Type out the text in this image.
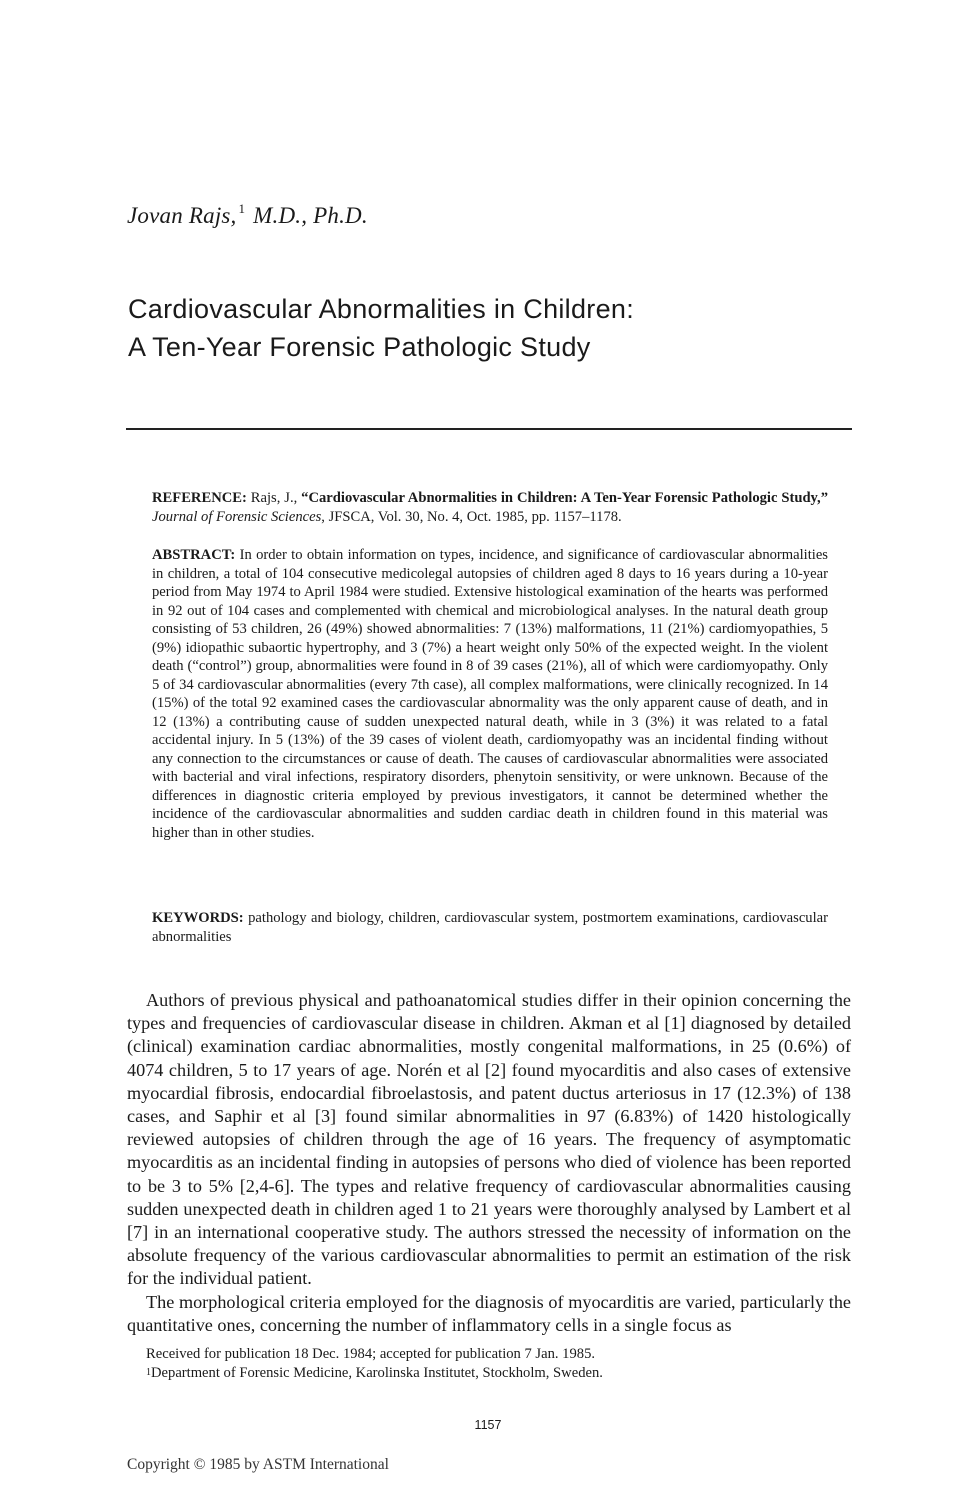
Jovan Rajs, $^1$ M.D., Ph.D.
Cardiovascular Abnormalities in Children:
A Ten-Year Forensic Pathologic Study
REFERENCE: Rajs, J., “Cardiovascular Abnormalities in Children: A Ten-Year Forensic Pathologic Study,” Journal of Forensic Sciences, JFSCA, Vol. 30, No. 4, Oct. 1985, pp. 1157–1178.
ABSTRACT: In order to obtain information on types, incidence, and significance of cardiovascular abnormalities in children, a total of 104 consecutive medicolegal autopsies of children aged 8 days to 16 years during a 10-year period from May 1974 to April 1984 were studied. Extensive histological examination of the hearts was performed in 92 out of 104 cases and complemented with chemical and microbiological analyses. In the natural death group consisting of 53 children, 26 (49%) showed abnormalities: 7 (13%) malformations, 11 (21%) cardiomyopathies, 5 (9%) idiopathic subaortic hypertrophy, and 3 (7%) a heart weight only 50% of the expected weight. In the violent death (“control”) group, abnormalities were found in 8 of 39 cases (21%), all of which were cardiomyopathy. Only 5 of 34 cardiovascular abnormalities (every 7th case), all complex malformations, were clinically recognized. In 14 (15%) of the total 92 examined cases the cardiovascular abnormality was the only apparent cause of death, and in 12 (13%) a contributing cause of sudden unexpected natural death, while in 3 (3%) it was related to a fatal accidental injury. In 5 (13%) of the 39 cases of violent death, cardiomyopathy was an incidental finding without any connection to the circumstances or cause of death. The causes of cardiovascular abnormalities were associated with bacterial and viral infections, respiratory disorders, phenytoin sensitivity, or were unknown. Because of the differences in diagnostic criteria employed by previous investigators, it cannot be determined whether the incidence of the cardiovascular abnormalities and sudden cardiac death in children found in this material was higher than in other studies.
KEYWORDS: pathology and biology, children, cardiovascular system, postmortem examinations, cardiovascular abnormalities

Authors of previous physical and pathoanatomical studies differ in their opinion concerning the types and frequencies of cardiovascular disease in children. Akman et al [1] diagnosed by detailed (clinical) examination cardiac abnormalities, mostly congenital malformations, in 25 (0.6%) of 4074 children, 5 to 17 years of age. Norén et al [2] found myocarditis and also cases of extensive myocardial fibrosis, endocardial fibroelastosis, and patent ductus arteriosus in 17 (12.3%) of 138 cases, and Saphir et al [3] found similar abnormalities in 97 (6.83%) of 1420 histologically reviewed autopsies of children through the age of 16 years. The frequency of asymptomatic myocarditis as an incidental finding in autopsies of persons who died of violence has been reported to be 3 to 5% [2,4-6]. The types and relative frequency of cardiovascular abnormalities causing sudden unexpected death in children aged 1 to 21 years were thoroughly analysed by Lambert et al [7] in an international cooperative study. The authors stressed the necessity of information on the absolute frequency of the various cardiovascular abnormalities to permit an estimation of the risk for the individual patient.

The morphological criteria employed for the diagnosis of myocarditis are varied, particularly the quantitative ones, concerning the number of inflammatory cells in a single focus as

Received for publication 18 Dec. 1984; accepted for publication 7 Jan. 1985.
$^1$Department of Forensic Medicine, Karolinska Institutet, Stockholm, Sweden.
1157
Copyright © 1985 by ASTM International
